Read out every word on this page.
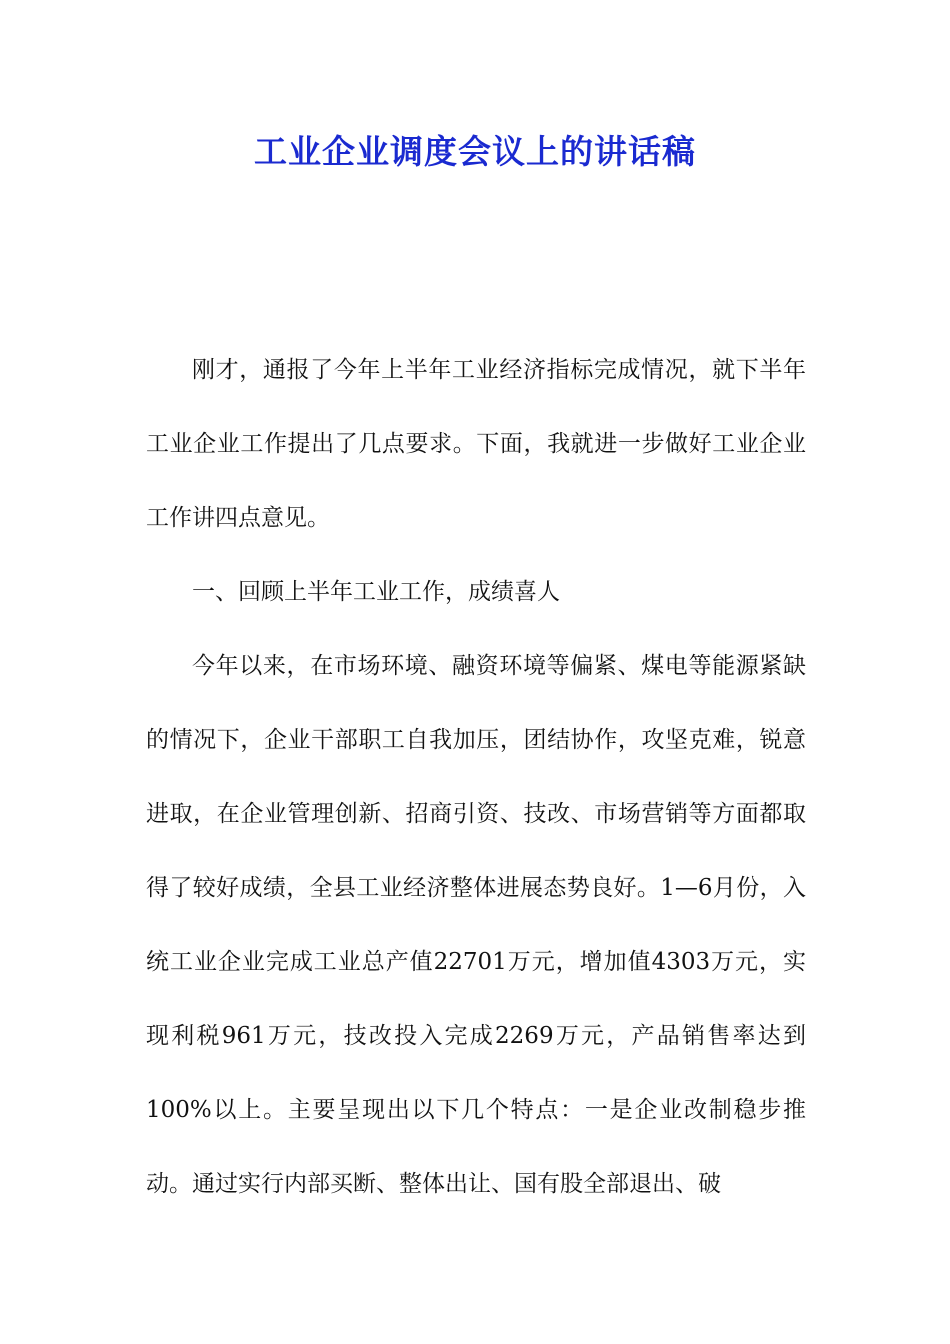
工业企业调度会议上的讲话稿

刚才，通报了今年上半年工业经济指标完成情况，就下半年工业企业工作提出了几点要求。下面，我就进一步做好工业企业工作讲四点意见。

一、回顾上半年工业工作，成绩喜人

今年以来，在市场环境、融资环境等偏紧、煤电等能源紧缺的情况下，企业干部职工自我加压，团结协作，攻坚克难，锐意进取，在企业管理创新、招商引资、技改、市场营销等方面都取得了较好成绩，全县工业经济整体进展态势良好。1—6月份，入统工业企业完成工业总产值22701万元，增加值4303万元，实现利税961万元，技改投入完成2269万元，产品销售率达到100%以上。主要呈现出以下几个特点：一是企业改制稳步推动。通过实行内部买断、整体出让、国有股全部退出、破
